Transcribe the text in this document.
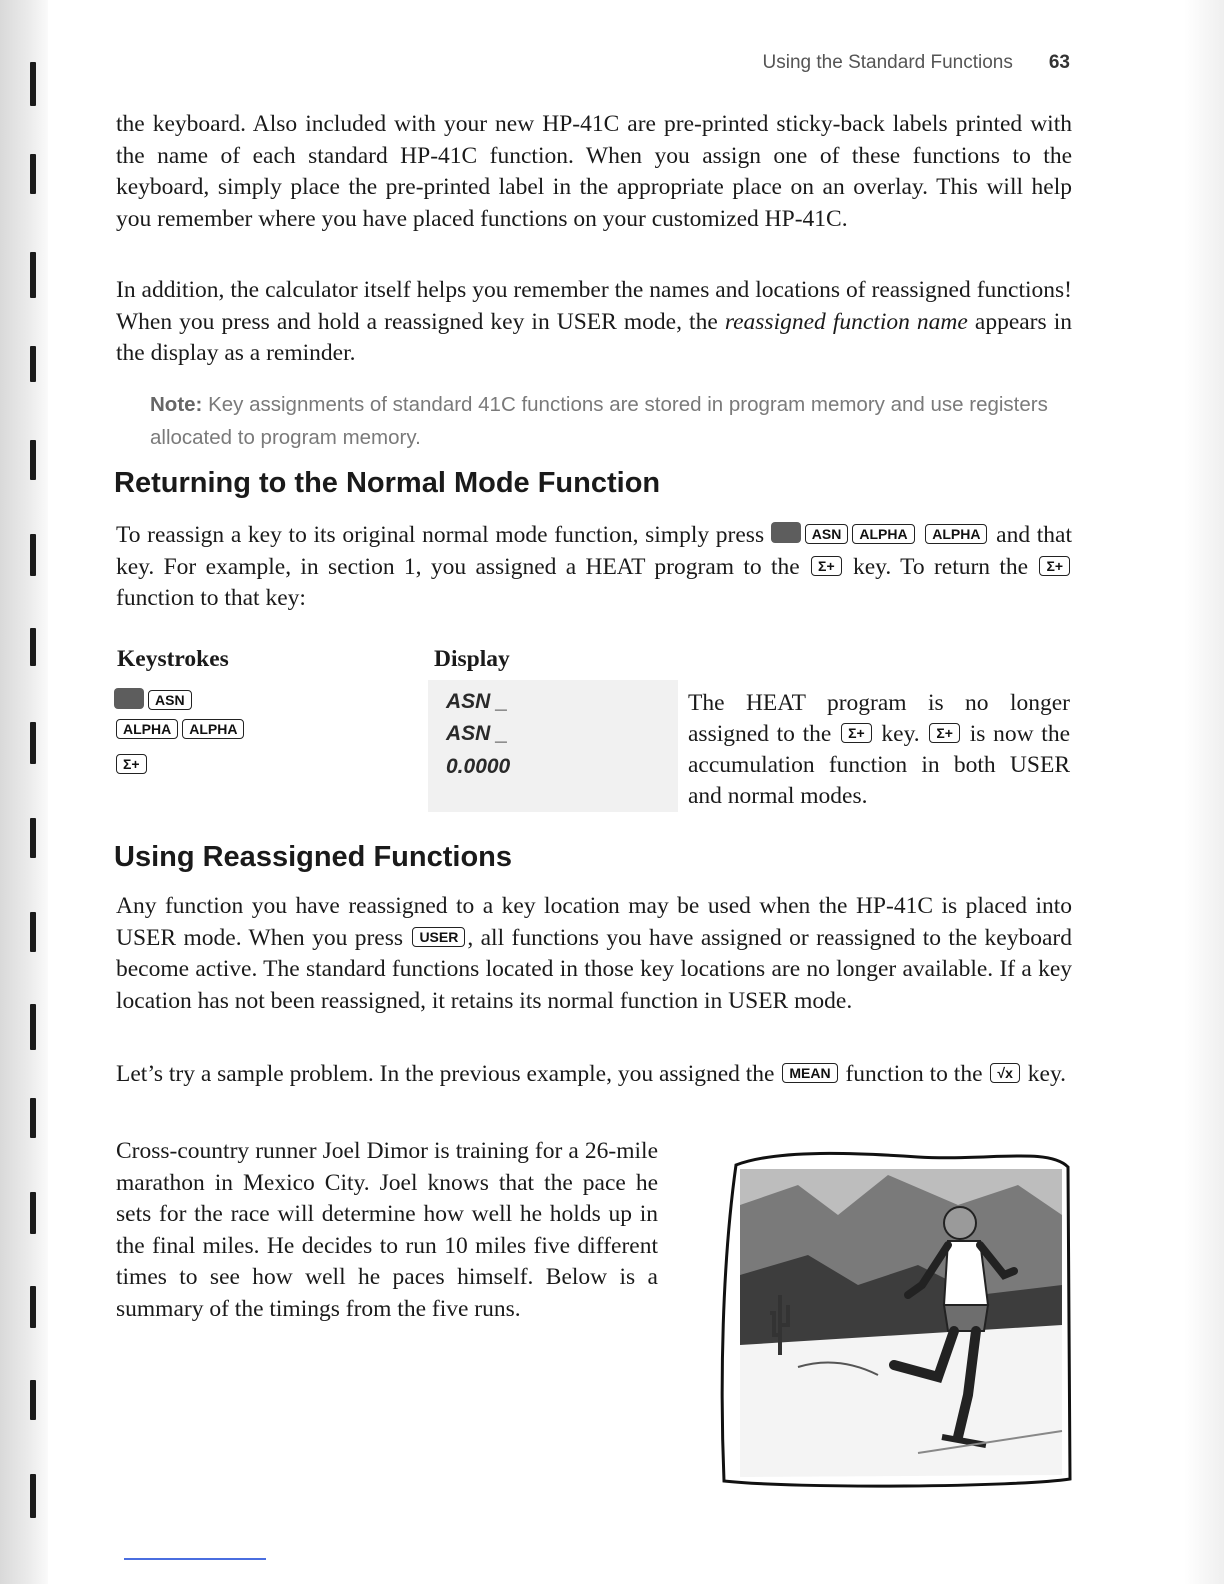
Using the Standard Functions 63

the keyboard. Also included with your new HP-41C are pre-printed sticky-back labels printed with the name of each standard HP-41C function. When you assign one of these functions to the keyboard, simply place the pre-printed label in the appropriate place on an overlay. This will help you remember where you have placed functions on your customized HP-41C.

In addition, the calculator itself helps you remember the names and locations of reassigned functions! When you press and hold a reassigned key in USER mode, the reassigned function name appears in the display as a reminder.

Note: Key assignments of standard 41C functions are stored in program memory and use registers allocated to program memory.

Returning to the Normal Mode Function

To reassign a key to its original normal mode function, simply press	ASN ALPHA ALPHA and that key. For example, in section 1, you assigned a HEAT program to the Σ+ key. To return the Σ+ function to that key:

Keystrokes	Display
ASN
ALPHA ALPHA
Σ+
ASN _
ASN _
0.0000

The HEAT program is no longer assigned to the Σ+ key. Σ+ is now the accumulation function in both USER and normal modes.

Using Reassigned Functions

Any function you have reassigned to a key location may be used when the HP-41C is placed into USER mode. When you press USER , all functions you have assigned or reassigned to the keyboard become active. The standard functions located in those key locations are no longer available. If a key location has not been reassigned, it retains its normal function in USER mode.

Let’s try a sample problem. In the previous example, you assigned the MEAN function to the √x key.

Cross-country runner Joel Dimor is training for a 26-mile marathon in Mexico City. Joel knows that the pace he sets for the race will determine how well he holds up in the final miles. He decides to run 10 miles five different times to see how well he paces himself. Below is a summary of the timings from the five runs.
